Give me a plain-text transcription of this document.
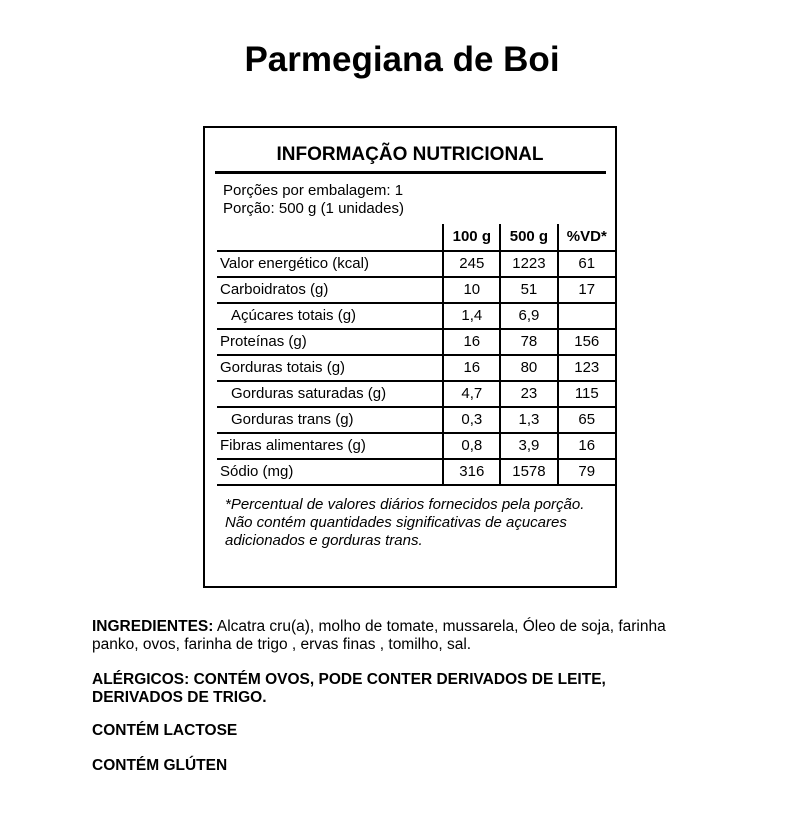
Parmegiana de Boi
INFORMAÇÃO NUTRICIONAL
Porções por embalagem: 1
Porção: 500 g (1 unidades)
	100 g	500 g	%VD*
Valor energético (kcal)	245	1223	61
Carboidratos (g)	10	51	17
Açúcares totais (g)	1,4	6,9	
Proteínas (g)	16	78	156
Gorduras totais (g)	16	80	123
Gorduras saturadas (g)	4,7	23	115
Gorduras trans (g)	0,3	1,3	65
Fibras alimentares (g)	0,8	3,9	16
Sódio (mg)	316	1578	79
*Percentual de valores diários fornecidos pela porção.
Não contém quantidades significativas de açucares adicionados e gorduras trans.
INGREDIENTES: Alcatra cru(a), molho de tomate, mussarela, Óleo de soja, farinha panko, ovos, farinha de trigo , ervas finas , tomilho, sal.
ALÉRGICOS: CONTÉM OVOS, PODE CONTER DERIVADOS DE LEITE, DERIVADOS DE TRIGO.
CONTÉM LACTOSE
CONTÉM GLÚTEN
